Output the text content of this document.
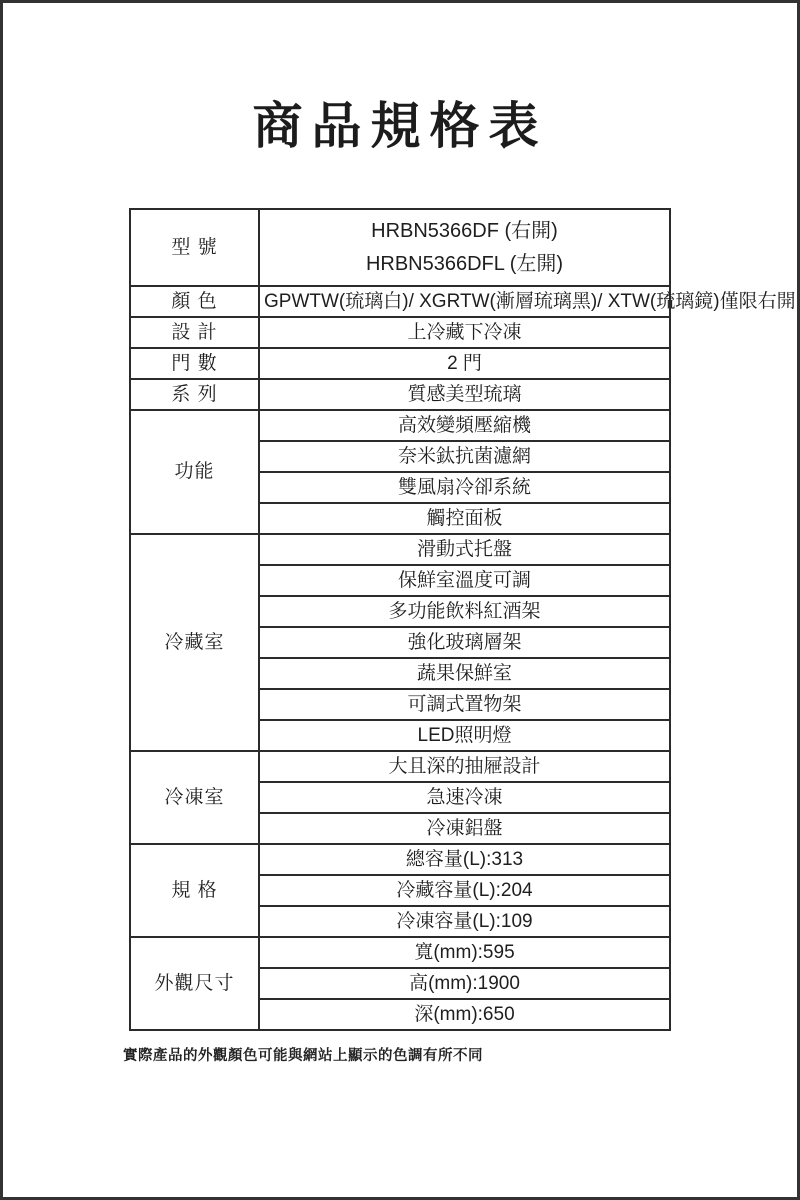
商品規格表
型 號	HRBN5366DF (右開)
HRBN5366DFL (左開)

顏 色	GPWTW(琉璃白)/ XGRTW(漸層琉璃黑)/ XTW(琉璃鏡)僅限右開
設 計	上冷藏下冷凍
門 數	2 門
系 列	質感美型琉璃
功能	高效變頻壓縮機
	奈米鈦抗菌濾網
	雙風扇冷卻系統
	觸控面板
冷藏室	滑動式托盤
	保鮮室溫度可調
	多功能飲料紅酒架
	強化玻璃層架
	蔬果保鮮室
	可調式置物架
	LED照明燈
冷凍室	大且深的抽屜設計
	急速冷凍
	冷凍鋁盤
規 格	總容量(L):313
	冷藏容量(L):204
	冷凍容量(L):109
外觀尺寸	寬(mm):595
	高(mm):1900
	深(mm):650
實際產品的外觀顏色可能與網站上顯示的色調有所不同
